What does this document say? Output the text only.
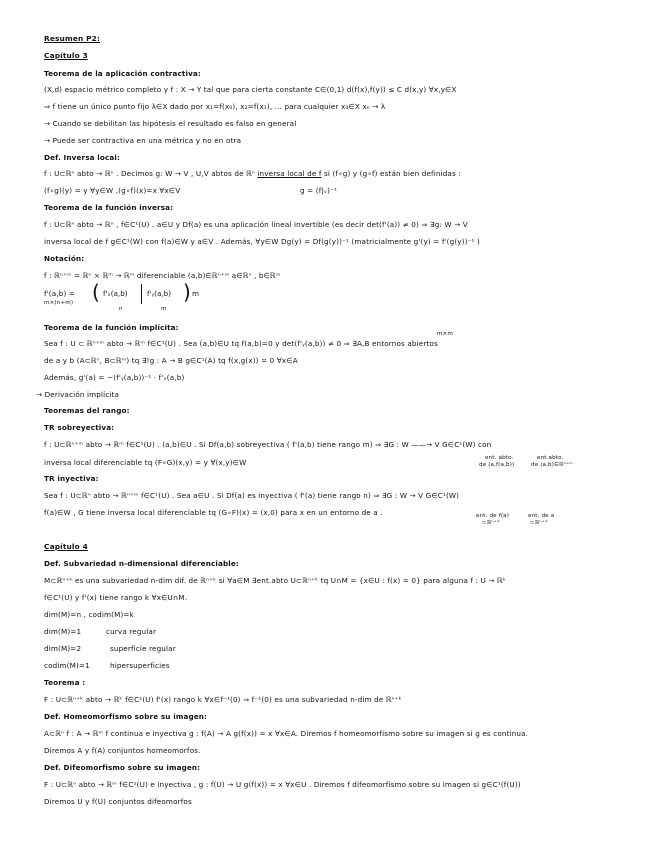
Resumen P2:
Capítulo 3
Teorema de la aplicación contractiva:
(X,d) espacio métrico completo y f : X → Y tal que para cierta constante C∈(0,1) d(f(x),f(y)) ≤ C d(x,y) ∀x,y∈X
⇒ f tiene un único punto fijo λ∈X dado por x₁=f(x₀), x₂=f(x₁), ... para cualquier x₀∈X xₙ → λ
→ Cuando se debilitan las hipótesis el resultado es falso en general
→ Puede ser contractiva en una métrica y no en otra
Def. Inversa local:
f : U⊂ℝⁿ abto → ℝⁿ . Decimos g: W → V , U,V abtos de ℝⁿ inversa local de f si (f∘g) y (g∘f) están bien definidas :
(f∘g)(y) = y ∀y∈W ,(g∘f)(x)=x ∀x∈V	g = (f|ᵥ)⁻¹
Teorema de la función inversa:
f : U⊂ℝⁿ abto → ℝⁿ , f∈C¹(U) . a∈U y Df(a) es una aplicación lineal invertible (es decir det(f'(a)) ≠ 0) ⇒ ∃g: W → V
inversa local de f g∈C¹(W) con f(a)∈W y a∈V . Además, ∀y∈W Dg(y) = Df(g(y))⁻¹ (matricialmente g'(y) = f'(g(y))⁻¹ )
Notación:
f : ℝⁿ⁺ᵐ = ℝⁿ × ℝᵐ → ℝᵐ diferenciable (a,b)∈ℝⁿ⁺ᵐ a∈ℝⁿ , b∈ℝᵐ
f'(a,b) =
m×(n+m) ( f'ₓ(a,b)	f'ᵧ(a,b) ) m
n	m
Teorema de la función implícita:
m×m
Sea f : U ⊂ ℝⁿ⁺ᵐ abto → ℝᵐ f∈C¹(U) . Sea (a,b)∈U tq f(a,b)=0 y det(f'ᵧ(a,b)) ≠ 0 ⇒ ∃A,B entornos abiertos
de a y b (A⊂ℝⁿ, B⊂ℝᵐ) tq ∃!g : A → B g∈C¹(A) tq f(x,g(x)) = 0 ∀x∈A
Además, g'(a) = −(f'ᵧ(a,b))⁻¹ · f'ₓ(a,b)
→ Derivación implícita
Teoremas del rango:
TR sobreyectiva:
f : U⊂ℝⁿ⁺ᵐ abto → ℝᵐ f∈C¹(U) . (a,b)∈U . Si Df(a,b) sobreyectiva ( f'(a,b) tiene rango m) ⇒ ∃G : W ——→ V G∈C¹(W) con
inversa local diferenciable tq (F∘G)(x,y) = y ∀(x,y)∈W	ent. abto.
de (a,f(a,b))
ent.abto.
de (a,b)∈ℝⁿ⁺ᵐ
TR inyectiva:
Sea f : U⊂ℝⁿ abto → ℝⁿ⁺ᵐ f∈C¹(U) . Sea a∈U . Si Df(a) es inyectiva ( f'(a) tiene rango n) ⇒ ∃G : W → V G∈C¹(W)
f(a)∈W , G tiene inversa local diferenciable tq (G∘F)(x) = (x,0) para x en un entorno de a .	ent. de f(a)
⊂ℝⁿ⁺ᵐ
ent. de a
⊂ℝⁿ⁺ᵐ
Capítulo 4
Def. Subvariedad n-dimensional diferenciable:
M⊂ℝⁿ⁺ᵏ es una subvariedad n-dim dif. de ℝⁿ⁺ᵏ si ∀a∈M ∃ent.abto U⊂ℝⁿ⁺ᵏ tq U∩M = {x∈U : f(x) = 0} para alguna f : U → ℝᵏ
f∈C¹(U) y f'(x) tiene rango k ∀x∈U∩M.
dim(M)=n , codim(M)=k
dim(M)=1	curva regular
dim(M)=2	superficie regular
codim(M)=1	hipersuperficies
Teorema :
F : U⊂ℝⁿ⁺ᵏ abto → ℝᵏ f∈C¹(U) f'(x) rango k ∀x∈f⁻¹(0) ⇒ f⁻¹(0) es una subvariedad n-dim de ℝⁿ⁺ᵏ
Def. Homeomorfismo sobre su imagen:
A⊂ℝⁿ f : A → ℝᵐ f continua e inyectiva g : f(A) → A g(f(x)) = x ∀x∈A. Diremos f homeomorfismo sobre su imagen si g es continua.
Diremos A y f(A) conjuntos homeomorfos.
Def. Difeomorfismo sobre su imagen:
F : U⊂ℝⁿ abto → ℝᵐ f∈C¹(U) e inyectiva , g : f(U) → U g(f(x)) = x ∀x∈U . Diremos f difeomorfismo sobre su imagen si g∈C¹(f(U))
Diremos U y f(U) conjuntos difeomorfos
